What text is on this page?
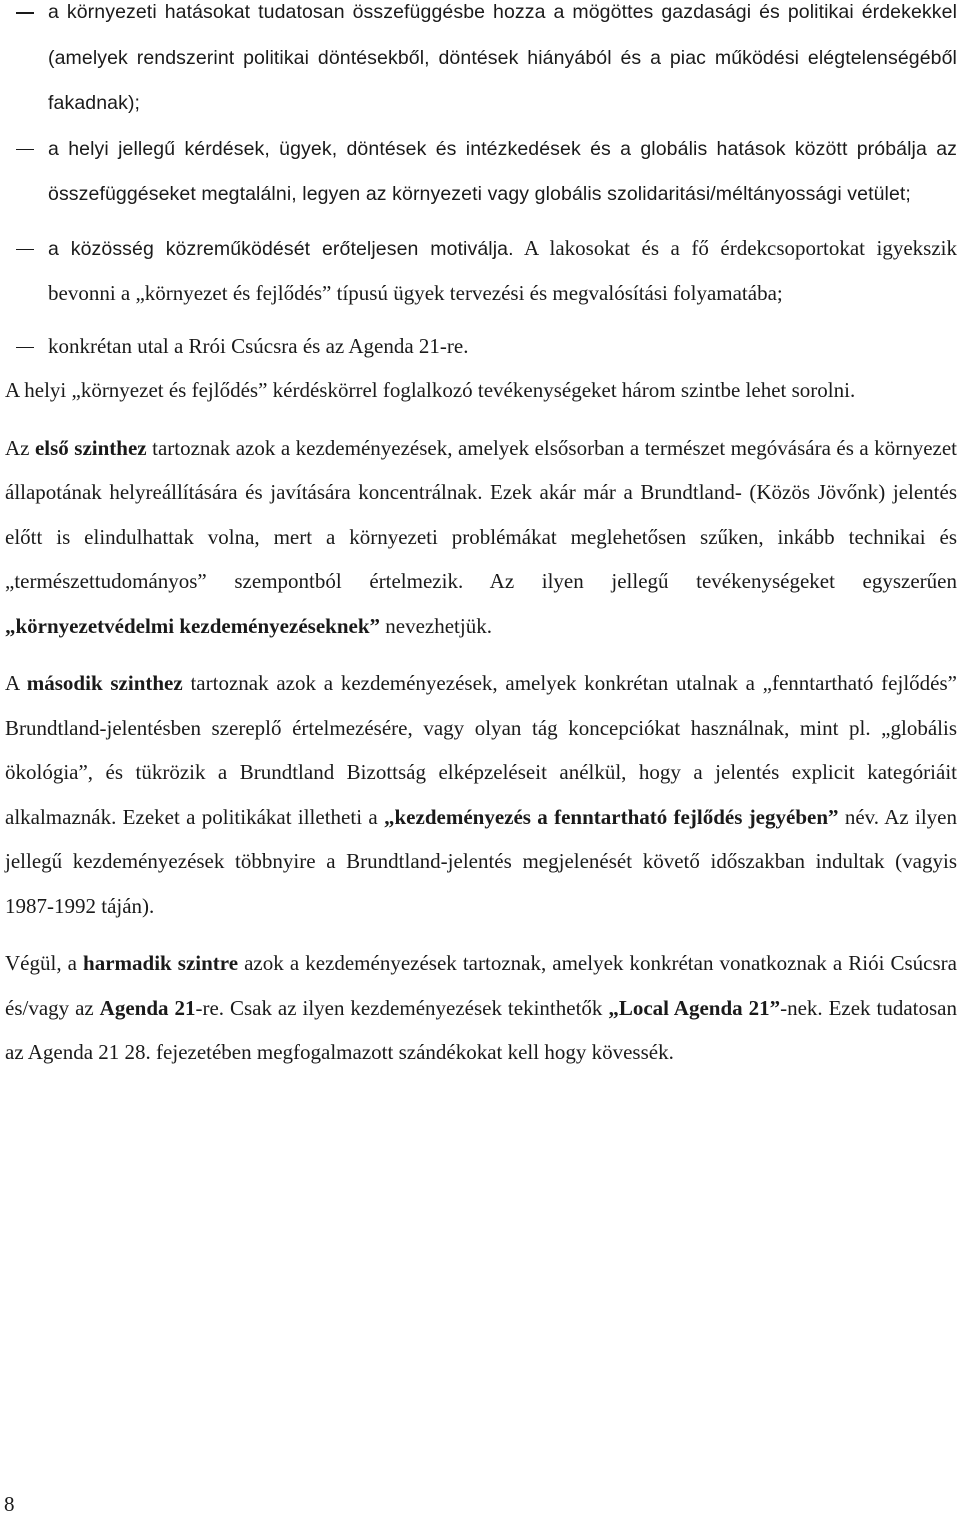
a környezeti hatásokat tudatosan összefüggésbe hozza a mögöttes gazdasági és politikai érdekekkel (amelyek rendszerint politikai döntésekből, döntések hiányából és a piac működési elégtelenségéből fakadnak);
a helyi jellegű kérdések, ügyek, döntések és intézkedések és a globális hatások között próbálja az összefüggéseket megtalálni, legyen az környezeti vagy globális szolidaritási/méltányossági vetület;
a közösség közreműködését erőteljesen motiválja. A lakosokat és a fő érdekcsoportokat igyekszik bevonni a „környezet és fejlődés” típusú ügyek tervezési és megvalósítási folyamatába;
konkrétan utal a Rrói Csúcsra és az Agenda 21-re.

A helyi „környezet és fejlődés” kérdéskörrel foglalkozó tevékenységeket három szintbe lehet sorolni.

Az első szinthez tartoznak azok a kezdeményezések, amelyek elsősorban a természet megóvására és a környezet állapotának helyreállítására és javítására koncentrálnak. Ezek akár már a Brundtland- (Közös Jövőnk) jelentés előtt is elindulhattak volna, mert a környezeti problémákat meglehetősen szűken, inkább technikai és „természettudományos” szempontból értelmezik. Az ilyen jellegű tevékenységeket egyszerűen „környezetvédelmi kezdeményezéseknek” nevezhetjük.

A második szinthez tartoznak azok a kezdeményezések, amelyek konkrétan utalnak a „fenntartható fejlődés” Brundtland-jelentésben szereplő értelmezésére, vagy olyan tág koncepciókat használnak, mint pl. „globális ökológia”, és tükrözik a Brundtland Bizottság elképzeléseit anélkül, hogy a jelentés explicit kategóriáit alkalmaznák. Ezeket a politikákat illetheti a „kezdeményezés a fenntartható fejlődés jegyében” név. Az ilyen jellegű kezdeményezések többnyire a Brundtland-jelentés megjelenését követő időszakban indultak (vagyis 1987-1992 táján).

Végül, a harmadik szintre azok a kezdeményezések tartoznak, amelyek konkrétan vonatkoznak a Riói Csúcsra és/vagy az Agenda 21-re. Csak az ilyen kezdeményezések tekinthetők „Local Agenda 21”-nek. Ezek tudatosan az Agenda 21 28. fejezetében megfogalmazott szándékokat kell hogy kövessék.

8
